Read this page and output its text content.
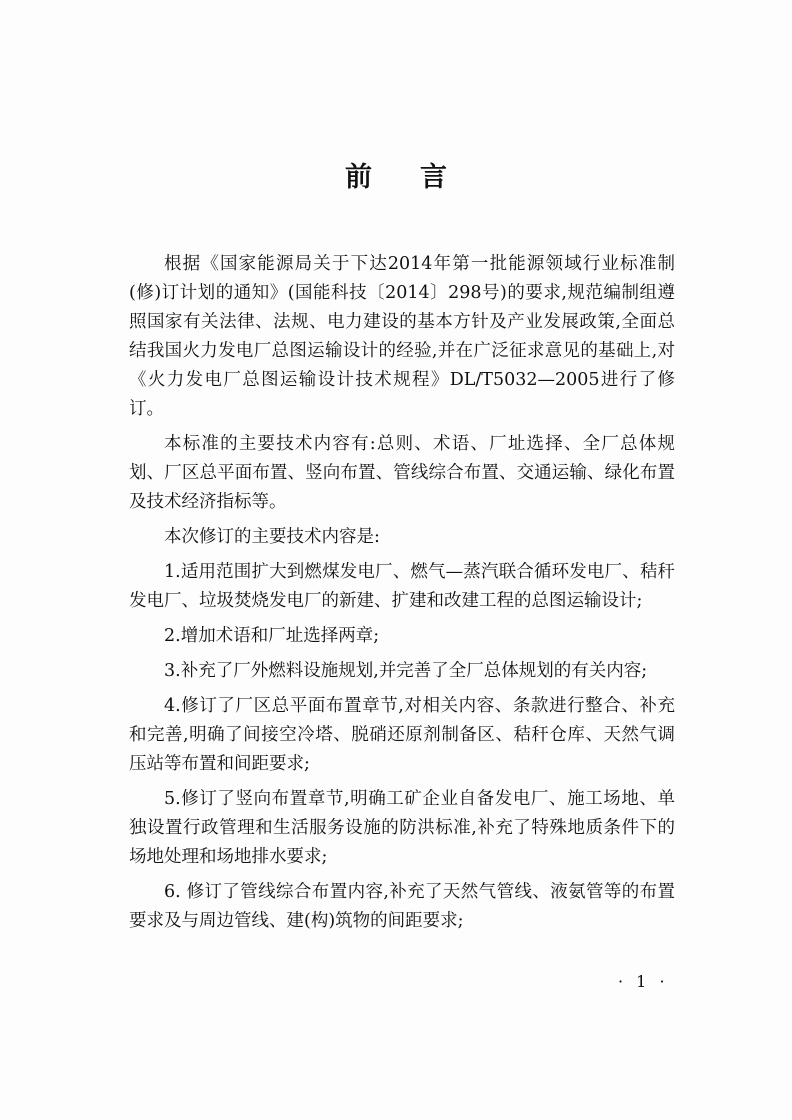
前言

根据《国家能源局关于下达2014年第一批能源领域行业标准制(修)订计划的通知》(国能科技〔2014〕298号)的要求,规范编制组遵照国家有关法律、法规、电力建设的基本方针及产业发展政策,全面总结我国火力发电厂总图运输设计的经验,并在广泛征求意见的基础上,对《火力发电厂总图运输设计技术规程》DL/T5032—2005进行了修订。

本标准的主要技术内容有:总则、术语、厂址选择、全厂总体规划、厂区总平面布置、竖向布置、管线综合布置、交通运输、绿化布置及技术经济指标等。

本次修订的主要技术内容是:

1.适用范围扩大到燃煤发电厂、燃气—蒸汽联合循环发电厂、秸秆发电厂、垃圾焚烧发电厂的新建、扩建和改建工程的总图运输设计;

2.增加术语和厂址选择两章;

3.补充了厂外燃料设施规划,并完善了全厂总体规划的有关内容;

4.修订了厂区总平面布置章节,对相关内容、条款进行整合、补充和完善,明确了间接空冷塔、脱硝还原剂制备区、秸秆仓库、天然气调压站等布置和间距要求;

5.修订了竖向布置章节,明确工矿企业自备发电厂、施工场地、单独设置行政管理和生活服务设施的防洪标准,补充了特殊地质条件下的场地处理和场地排水要求;

6. 修订了管线综合布置内容,补充了天然气管线、液氨管等的布置要求及与周边管线、建(构)筑物的间距要求;

· 1 ·
